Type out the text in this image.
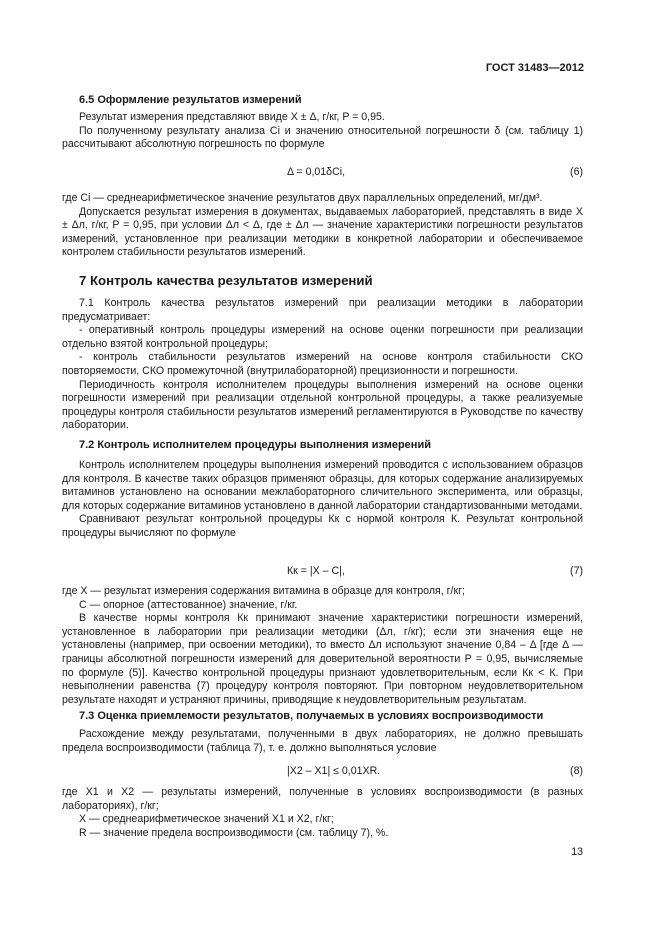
ГОСТ 31483—2012

6.5 Оформление результатов измерений

Результат измерения представляют ввиде X ± Δ, г/кг, P = 0,95.

По полученному результату анализа Ci и значению относительной погрешности δ (см. таблицу 1) рассчитывают абсолютную погрешность по формуле

Δ = 0,01δCi,	(6)

где Ci — среднеарифметическое значение результатов двух параллельных определений, мг/дм³.

Допускается результат измерения в документах, выдаваемых лабораторией, представлять в виде X ± Δл, г/кг, P = 0,95, при условии Δл < Δ, где ± Δл — значение характеристики погрешности результатов измерений, установленное при реализации методики в конкретной лаборатории и обеспечиваемое контролем стабильности результатов измерений.

7 Контроль качества результатов измерений

7.1 Контроль качества результатов измерений при реализации методики в лаборатории предусматривает:

- оперативный контроль процедуры измерений на основе оценки погрешности при реализации отдельно взятой контрольной процедуры;

- контроль стабильности результатов измерений на основе контроля стабильности СКО повторяемости, СКО промежуточной (внутрилабораторной) прецизионности и погрешности.

Периодичность контроля исполнителем процедуры выполнения измерений на основе оценки погрешности измерений при реализации отдельной контрольной процедуры, а также реализуемые процедуры контроля стабильности результатов измерений регламентируются в Руководстве по качеству лаборатории.

7.2 Контроль исполнителем процедуры выполнения измерений

Контроль исполнителем процедуры выполнения измерений проводится с использованием образцов для контроля. В качестве таких образцов применяют образцы, для которых содержание анализируемых витаминов установлено на основании межлабораторного сличительного эксперимента, или образцы, для которых содержание витаминов установлено в данной лаборатории стандартизованными методами.

Сравнивают результат контрольной процедуры Кк с нормой контроля К. Результат контрольной процедуры вычисляют по формуле

Кк = |X – C|,	(7)

где X — результат измерения содержания витамина в образце для контроля, г/кг;

C — опорное (аттестованное) значение, г/кг.

В качестве нормы контроля Кк принимают значение характеристики погрешности измерений, установленное в лаборатории при реализации методики (Δл, г/кг); если эти значения еще не установлены (например, при освоении методики), то вместо Δл используют значение 0,84 – Δ [где Δ — границы абсолютной погрешности измерений для доверительной вероятности P = 0,95, вычисляемые по формуле (5)]. Качество контрольной процедуры признают удовлетворительным, если Кк < К. При невыполнении равенства (7) процедуру контроля повторяют. При повторном неудовлетворительном результате находят и устраняют причины, приводящие к неудовлетворительным результатам.

7.3 Оценка приемлемости результатов, получаемых в условиях воспроизводимости

Расхождение между результатами, полученными в двух лабораториях, не должно превышать предела воспроизводимости (таблица 7), т. е. должно выполняться условие

|X2 – X1| ≤ 0,01XR.	(8)

где X1 и X2 — результаты измерений, полученные в условиях воспроизводимости (в разных лабораториях), г/кг;

X — среднеарифметическое значений X1 и X2, г/кг;

R — значение предела воспроизводимости (см. таблицу 7), %.

13
